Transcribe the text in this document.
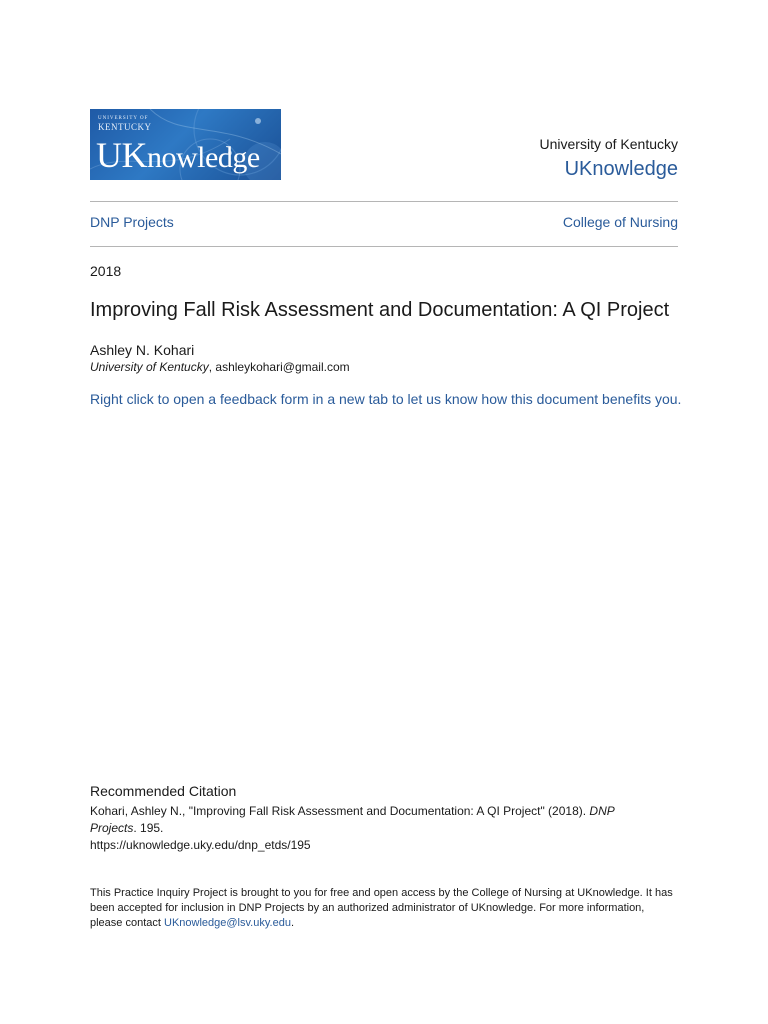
UNIVERSITY OF
KENTUCKY
UKnowledge	University of Kentucky
UKnowledge
DNP Projects	College of Nursing
2018
Improving Fall Risk Assessment and Documentation: A QI Project
Ashley N. Kohari
University of Kentucky, ashleykohari@gmail.com
Right click to open a feedback form in a new tab to let us know how this document benefits you.
Recommended Citation
Kohari, Ashley N., "Improving Fall Risk Assessment and Documentation: A QI Project" (2018). DNP Projects. 195.
https://uknowledge.uky.edu/dnp_etds/195
This Practice Inquiry Project is brought to you for free and open access by the College of Nursing at UKnowledge. It has been accepted for inclusion in DNP Projects by an authorized administrator of UKnowledge. For more information, please contact UKnowledge@lsv.uky.edu.
